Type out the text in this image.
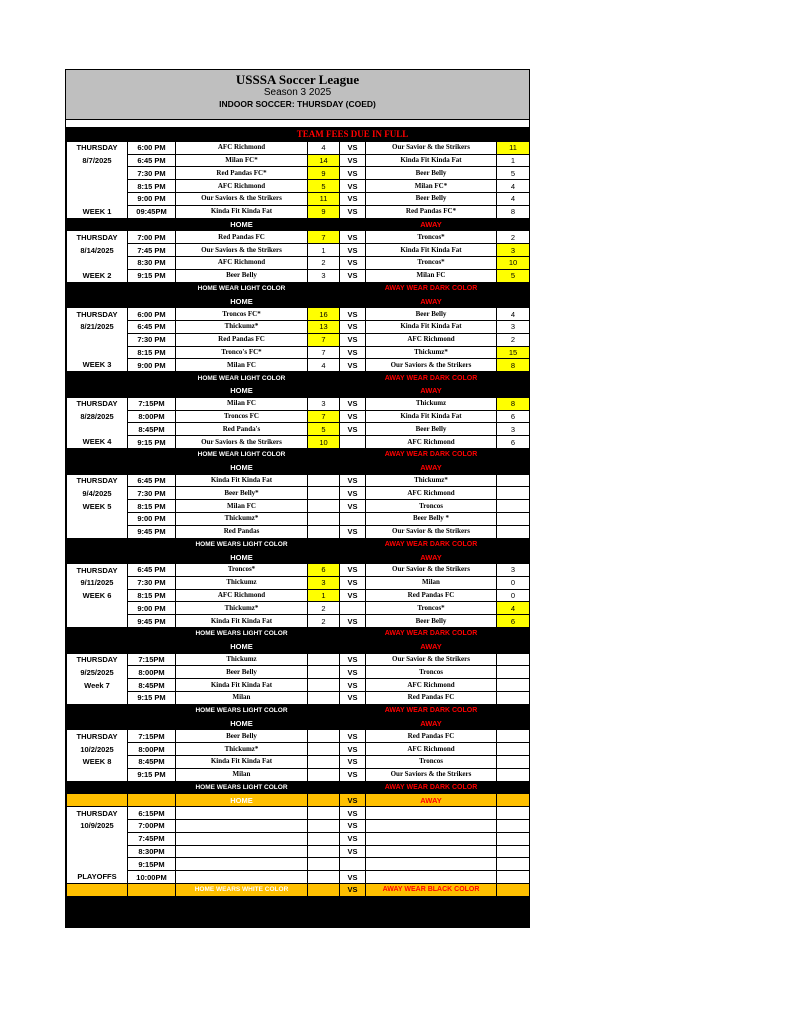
USSSA Soccer League
Season 3 2025
INDOOR SOCCER: THURSDAY (COED)
		TEAM FEES DUE IN FULL				
THURSDAY	6:00 PM	AFC Richmond	4	VS	Our Savior & the Strikers	11
8/7/2025	6:45 PM	Milan FC*	14	VS	Kinda Fit Kinda Fat	1
	7:30 PM	Red Pandas FC*	9	VS	Beer Belly	5
	8:15 PM	AFC Richmond	5	VS	Milan FC*	4
	9:00 PM	Our Saviors & the Strikers	11	VS	Beer Belly	4
WEEK 1	09:45PM	Kinda Fit Kinda Fat	9	VS	Red Pandas FC*	8
		HOME			AWAY	
THURSDAY	7:00 PM	Red Pandas FC	7	VS	Troncos*	2
8/14/2025	7:45 PM	Our Saviors & the Strikers	1	VS	Kinda Fit Kinda Fat	3
	8:30 PM	AFC Richmond	2	VS	Troncos*	10
WEEK 2	9:15 PM	Beer Belly	3	VS	Milan FC	5
		HOME WEAR LIGHT COLOR			AWAY WEAR DARK COLOR	
		HOME			AWAY	
THURSDAY	6:00 PM	Troncos FC*	16	VS	Beer Belly	4
8/21/2025	6:45 PM	Thickumz*	13	VS	Kinda Fit Kinda Fat	3
	7:30 PM	Red Pandas FC	7	VS	AFC Richmond	2
	8:15 PM	Tronco's FC*	7	VS	Thickumz*	15
WEEK 3	9:00 PM	Milan FC	4	VS	Our Saviors & the Strikers	8
		HOME WEAR LIGHT COLOR			AWAY WEAR DARK COLOR	
		HOME			AWAY	
THURSDAY	7:15PM	Milan FC	3	VS	Thickumz	8
8/28/2025	8:00PM	Troncos FC	7	VS	Kinda Fit Kinda Fat	6
	8:45PM	Red Panda's	5	VS	Beer Belly	3
WEEK 4	9:15 PM	Our Saviors & the Strikers	10		AFC Richmond	6
		HOME WEAR LIGHT COLOR			AWAY WEAR DARK COLOR	
		HOME			AWAY	
THURSDAY	6:45 PM	Kinda Fit Kinda Fat		VS	Thickumz*	
9/4/2025	7:30 PM	Beer Belly*		VS	AFC Richmond	
WEEK 5	8:15 PM	Milan FC		VS	Troncos	
	9:00 PM	Thickumz*			Beer Belly *	
	9:45 PM	Red Pandas		VS	Our Savior & the Strikers	
		HOME WEARS LIGHT COLOR			AWAY WEAR DARK COLOR	
		HOME			AWAY	
THURSDAY	6:45 PM	Troncos*	6	VS	Our Savior & the Strikers	3
9/11/2025	7:30 PM	Thickumz	3	VS	Milan	0
WEEK 6	8:15 PM	AFC Richmond	1	VS	Red Pandas FC	0
	9:00 PM	Thickumz*	2		Troncos*	4
	9:45 PM	Kinda Fit Kinda Fat	2	VS	Beer Belly	6
		HOME WEARS LIGHT COLOR			AWAY WEAR DARK COLOR	
		HOME			AWAY	
THURSDAY	7:15PM	Thickumz		VS	Our Savior & the Strikers	
9/25/2025	8:00PM	Beer Belly		VS	Troncos	
Week 7	8:45PM	Kinda Fit Kinda Fat		VS	AFC Richmond	
	9:15 PM	Milan		VS	Red Pandas FC	
		HOME WEARS LIGHT COLOR			AWAY WEAR DARK COLOR	
		HOME			AWAY	
THURSDAY	7:15PM	Beer Belly		VS	Red Pandas FC	
10/2/2025	8:00PM	Thickumz*		VS	AFC Richmond	
WEEK 8	8:45PM	Kinda Fit Kinda Fat		VS	Troncos	
	9:15 PM	Milan		VS	Our Saviors & the Strikers	
		HOME WEARS LIGHT COLOR			AWAY WEAR DARK COLOR	
		HOME		VS	AWAY	
THURSDAY	6:15PM			VS		
10/9/2025	7:00PM			VS		
	7:45PM			VS		
	8:30PM			VS		
	9:15PM					
PLAYOFFS	10:00PM			VS		
		HOME WEARS WHITE COLOR		VS	AWAY WEAR BLACK COLOR	
